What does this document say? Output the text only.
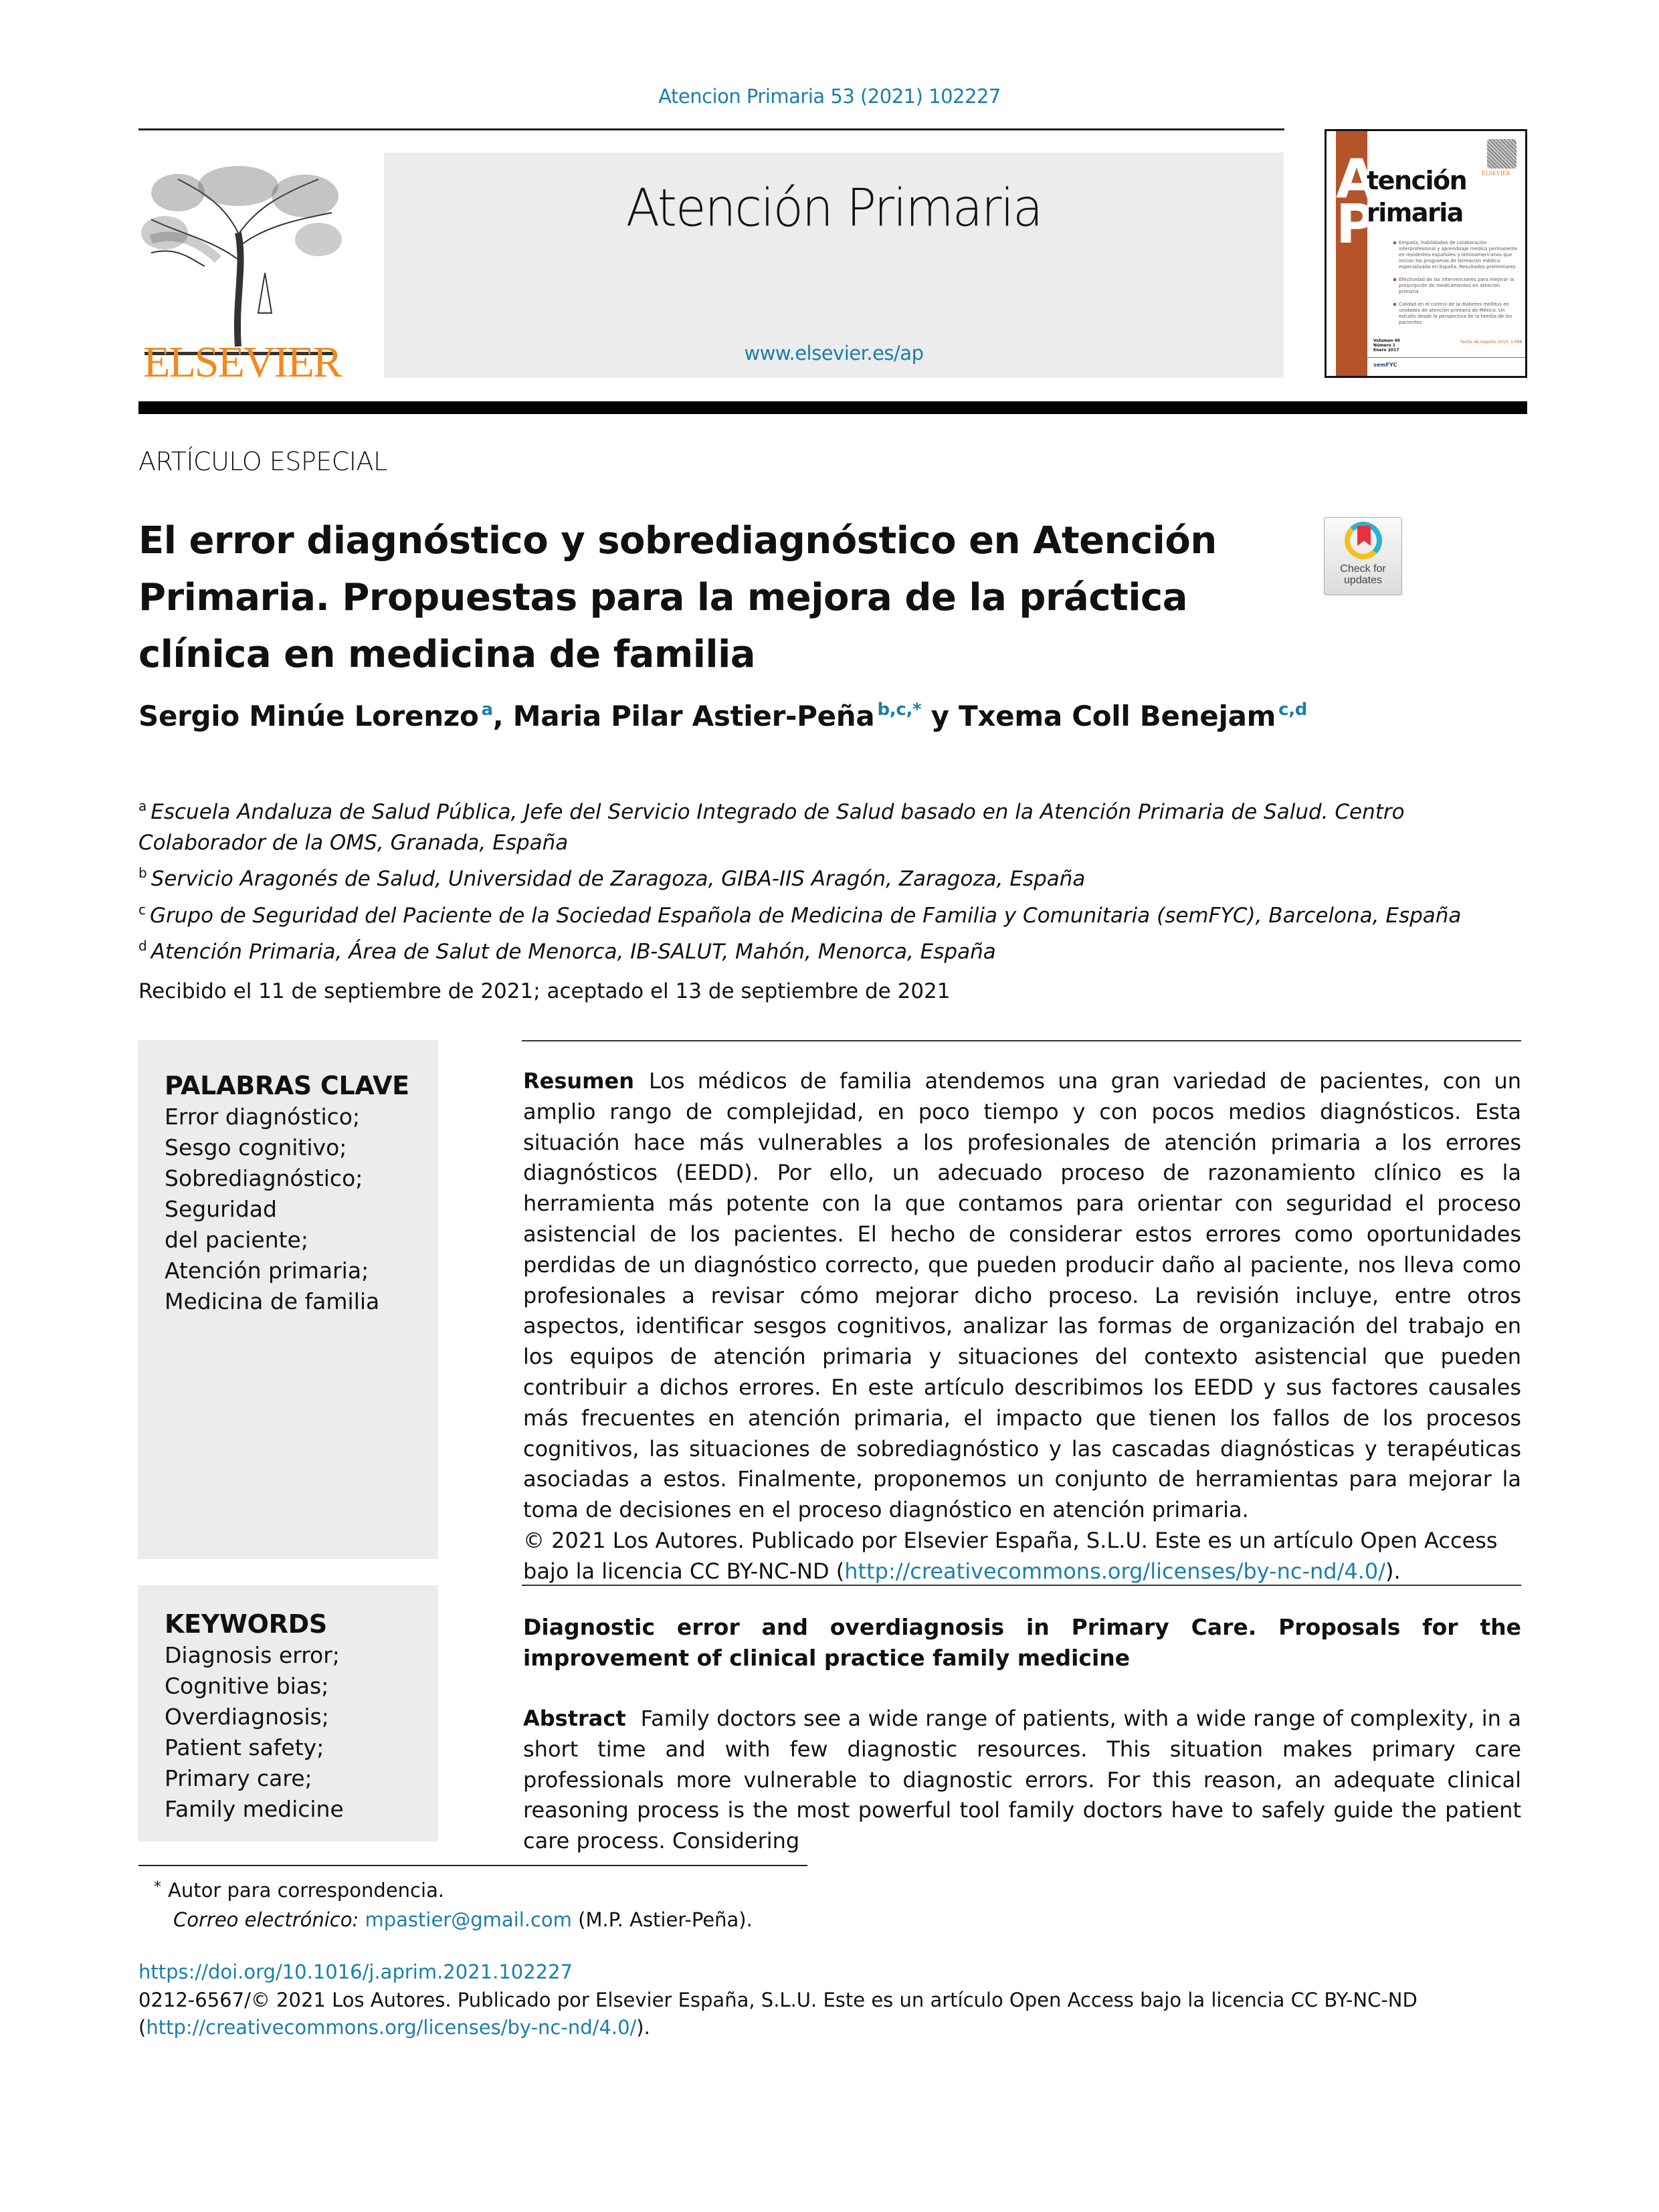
Atencion Primaria 53 (2021) 102227
ELSEVIER
Atención Primaria
www.elsevier.es/ap
A
P
tención
rimaria
ELSEVIER
Empatía, habilidades de colaboración interprofesional y aprendizaje médico permanente en residentes españoles y latinoamericanos que inician los programas de formación médica especializada en España. Resultados preliminares
Efectividad de las intervenciones para mejorar la prescripción de medicamentos en atención primaria
Calidad en el control de la diabetes mellitus en unidades de atención primaria de México. Un estudio desde la perspectiva de la familia de los pacientes
Volumen 49
Número 1
Enero 2017
Factor de impacto 2015: 1.098
semFYC
ARTÍCULO ESPECIAL
El error diagnóstico y sobrediagnóstico en Atención
Primaria. Propuestas para la mejora de la práctica
clínica en medicina de familia
Check for
updates
Sergio Minúe Lorenzo $^a$, Maria Pilar Astier-Peña $^{b,c,*}$ y Txema Coll Benejam $^{c,d}$
$^a$ Escuela Andaluza de Salud Pública, Jefe del Servicio Integrado de Salud basado en la Atención Primaria de Salud. Centro Colaborador de la OMS, Granada, España
$^b$ Servicio Aragonés de Salud, Universidad de Zaragoza, GIBA-IIS Aragón, Zaragoza, España
$^c$ Grupo de Seguridad del Paciente de la Sociedad Española de Medicina de Familia y Comunitaria (semFYC), Barcelona, España
$^d$ Atención Primaria, Área de Salut de Menorca, IB-SALUT, Mahón, Menorca, España
Recibido el 11 de septiembre de 2021; aceptado el 13 de septiembre de 2021
PALABRAS CLAVE
Error diagnóstico;
Sesgo cognitivo;
Sobrediagnóstico;
Seguridad del paciente;
Atención primaria;
Medicina de familia
Resumen Los médicos de familia atendemos una gran variedad de pacientes, con un amplio rango de complejidad, en poco tiempo y con pocos medios diagnósticos. Esta situación hace más vulnerables a los profesionales de atención primaria a los errores diagnósticos (EEDD). Por ello, un adecuado proceso de razonamiento clínico es la herramienta más potente con la que contamos para orientar con seguridad el proceso asistencial de los pacientes. El hecho de considerar estos errores como oportunidades perdidas de un diagnóstico correcto, que pueden producir daño al paciente, nos lleva como profesionales a revisar cómo mejorar dicho proceso. La revisión incluye, entre otros aspectos, identificar sesgos cognitivos, analizar las formas de organización del trabajo en los equipos de atención primaria y situaciones del contexto asistencial que pueden contribuir a dichos errores. En este artículo describimos los EEDD y sus factores causales más frecuentes en atención primaria, el impacto que tienen los fallos de los procesos cognitivos, las situaciones de sobrediagnóstico y las cascadas diagnósticas y terapéuticas asociadas a estos. Finalmente, proponemos un conjunto de herramientas para mejorar la toma de decisiones en el proceso diagnóstico en atención primaria.
© 2021 Los Autores. Publicado por Elsevier España, S.L.U. Este es un artículo Open Access bajo la licencia CC BY-NC-ND (http://creativecommons.org/licenses/by-nc-nd/4.0/).
KEYWORDS
Diagnosis error;
Cognitive bias;
Overdiagnosis;
Patient safety;
Primary care;
Family medicine
Diagnostic error and overdiagnosis in Primary Care. Proposals for the improvement of clinical practice family medicine
Abstract Family doctors see a wide range of patients, with a wide range of complexity, in a short time and with few diagnostic resources. This situation makes primary care professionals more vulnerable to diagnostic errors. For this reason, an adequate clinical reasoning process is the most powerful tool family doctors have to safely guide the patient care process. Considering
* Autor para correspondencia.
Correo electrónico: mpastier@gmail.com (M.P. Astier-Peña).
https://doi.org/10.1016/j.aprim.2021.102227
0212-6567/© 2021 Los Autores. Publicado por Elsevier España, S.L.U. Este es un artículo Open Access bajo la licencia CC BY-NC-ND (http://creativecommons.org/licenses/by-nc-nd/4.0/).
